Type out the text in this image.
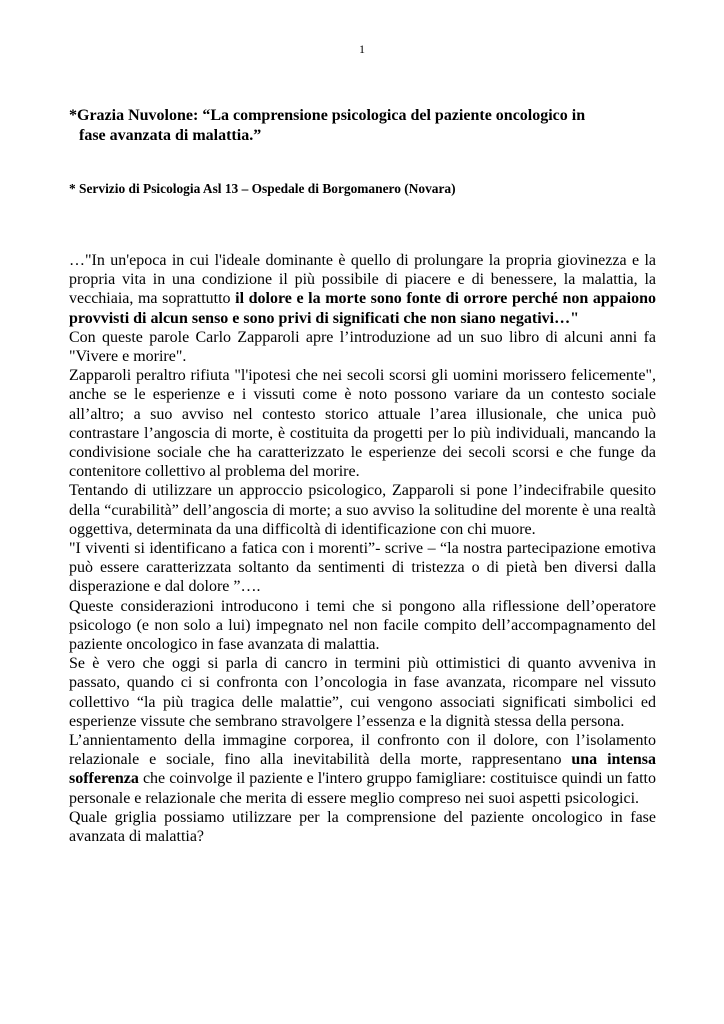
1
*Grazia Nuvolone: “La comprensione psicologica del paziente oncologico in
fase avanzata di malattia.”
* Servizio di Psicologia Asl 13 – Ospedale di Borgomanero (Novara)

…"In un'epoca in cui l'ideale dominante è quello di prolungare la propria giovinezza e la propria vita in una condizione il più possibile di piacere e di benessere, la malattia, la vecchiaia, ma soprattutto il dolore e la morte sono fonte di orrore perché non appaiono provvisti di alcun senso e sono privi di significati che non siano negativi…"

Con queste parole Carlo Zapparoli apre l’introduzione ad un suo libro di alcuni anni fa "Vivere e morire".

Zapparoli peraltro rifiuta "l'ipotesi che nei secoli scorsi gli uomini morissero felicemente", anche se le esperienze e i vissuti come è noto possono variare da un contesto sociale all’altro; a suo avviso nel contesto storico attuale l’area illusionale, che unica può contrastare l’angoscia di morte, è costituita da progetti per lo più individuali, mancando la condivisione sociale che ha caratterizzato le esperienze dei secoli scorsi e che funge da contenitore collettivo al problema del morire.

Tentando di utilizzare un approccio psicologico, Zapparoli si pone l’indecifrabile quesito della “curabilità” dell’angoscia di morte; a suo avviso la solitudine del morente è una realtà oggettiva, determinata da una difficoltà di identificazione con chi muore.

"I viventi si identificano a fatica con i morenti”- scrive – “la nostra partecipazione emotiva può essere caratterizzata soltanto da sentimenti di tristezza o di pietà ben diversi dalla disperazione e dal dolore ”….

Queste considerazioni introducono i temi che si pongono alla riflessione dell’operatore psicologo (e non solo a lui) impegnato nel non facile compito dell’accompagnamento del paziente oncologico in fase avanzata di malattia.

Se è vero che oggi si parla di cancro in termini più ottimistici di quanto avveniva in passato, quando ci si confronta con l’oncologia in fase avanzata, ricompare nel vissuto collettivo “la più tragica delle malattie”, cui vengono associati significati simbolici ed esperienze vissute che sembrano stravolgere l’essenza e la dignità stessa della persona.

L’annientamento della immagine corporea, il confronto con il dolore, con l’isolamento relazionale e sociale, fino alla inevitabilità della morte, rappresentano una intensa sofferenza che coinvolge il paziente e l'intero gruppo famigliare: costituisce quindi un fatto personale e relazionale che merita di essere meglio compreso nei suoi aspetti psicologici.

Quale griglia possiamo utilizzare per la comprensione del paziente oncologico in fase avanzata di malattia?
